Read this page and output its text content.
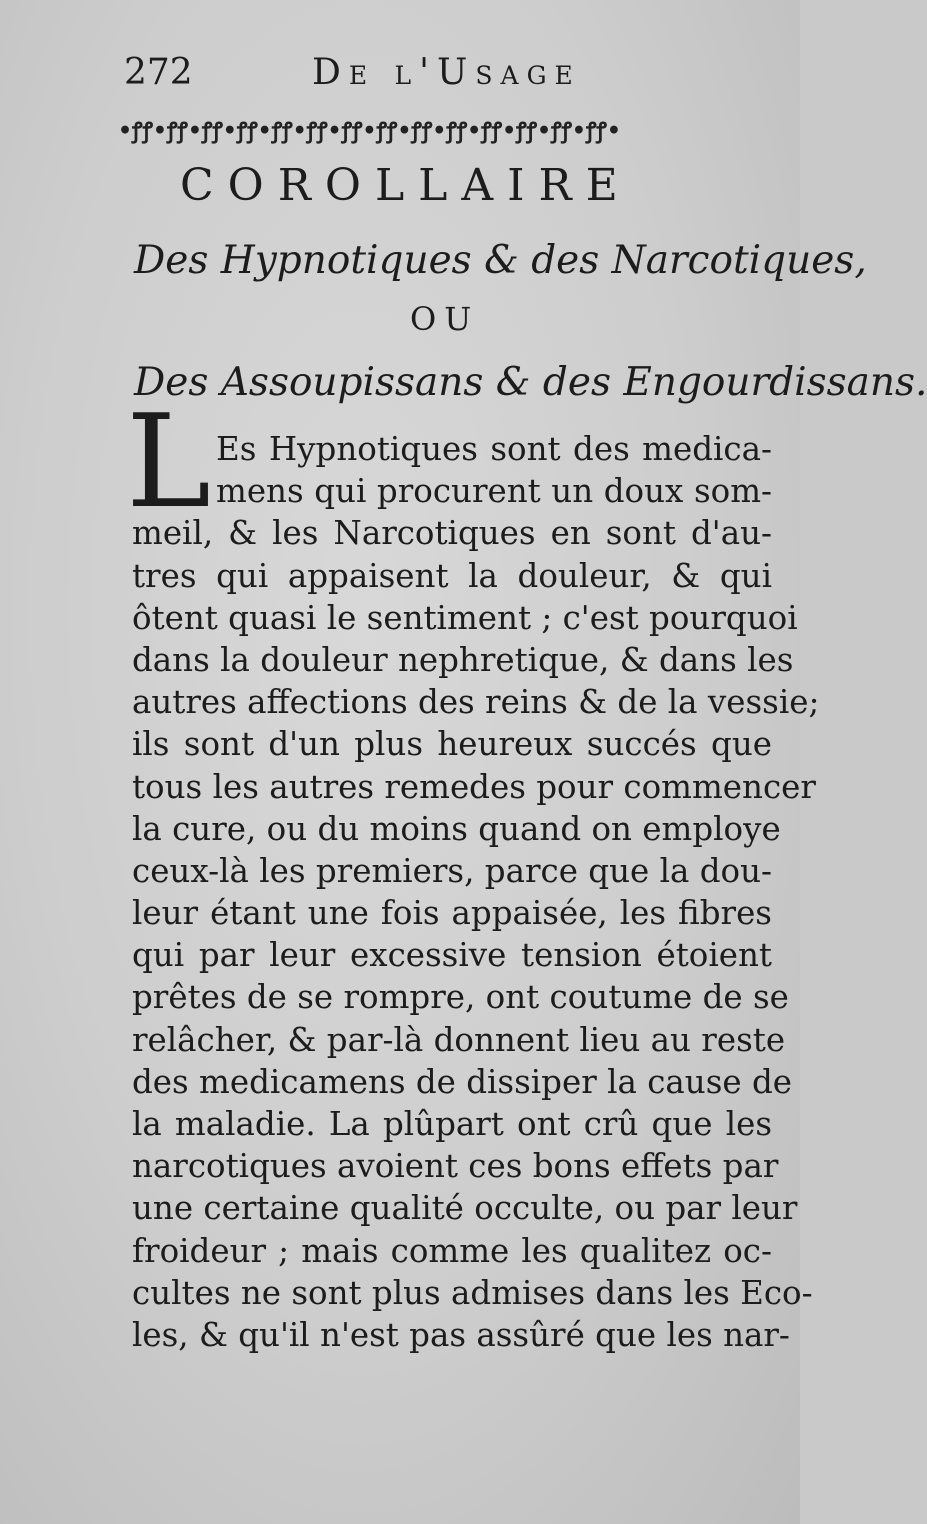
272	De l'Usage
•ꝭꝭ•ꝭꝭ•ꝭꝭ•ꝭꝭ•ꝭꝭ•ꝭꝭ•ꝭꝭ•ꝭꝭ•ꝭꝭ•ꝭꝭ•ꝭꝭ•ꝭꝭ•ꝭꝭ•ꝭꝭ•
COROLLAIRE
Des Hypnotiques & des Narcotiques,
OU
Des Assoupissans & des Engourdissans.
L Es Hypnotiques sont des medica-
mens qui procurent un doux som-
meil, & les Narcotiques en sont d'au-
tres qui appaisent la douleur, & qui
ôtent quasi le sentiment ; c'est pourquoi
dans la douleur nephretique, & dans les
autres affections des reins & de la vessie;
ils sont d'un plus heureux succés que
tous les autres remedes pour commencer
la cure, ou du moins quand on employe
ceux-là les premiers, parce que la dou-
leur étant une fois appaisée, les fibres
qui par leur excessive tension étoient
prêtes de se rompre, ont coutume de se
relâcher, & par-là donnent lieu au reste
des medicamens de dissiper la cause de
la maladie. La plûpart ont crû que les
narcotiques avoient ces bons effets par
une certaine qualité occulte, ou par leur
froideur ; mais comme les qualitez oc-
cultes ne sont plus admises dans les Eco-
les, & qu'il n'est pas assûré que les nar-
